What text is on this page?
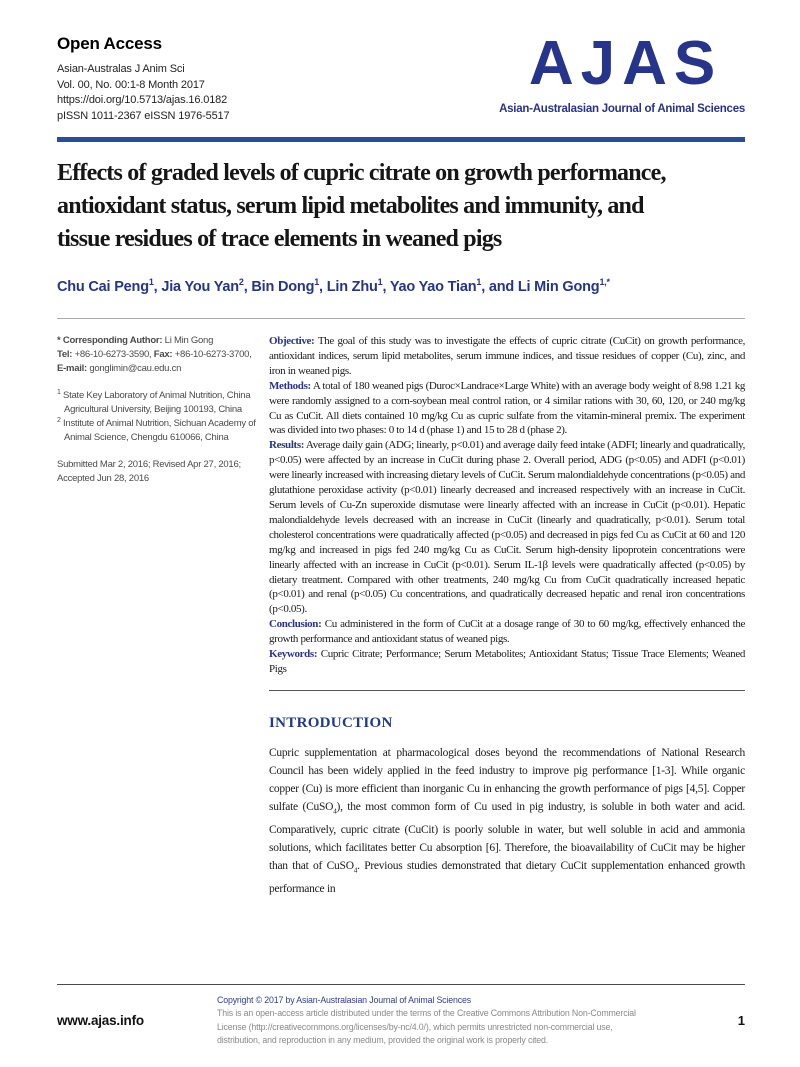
Open Access
Asian-Australas J Anim Sci
Vol. 00, No. 00:1-8 Month 2017
https://doi.org/10.5713/ajas.16.0182
pISSN 1011-2367 eISSN 1976-5517
AJAS
Asian-Australasian Journal of Animal Sciences
Effects of graded levels of cupric citrate on growth performance,
antioxidant status, serum lipid metabolites and immunity, and
tissue residues of trace elements in weaned pigs
Chu Cai Peng$^1$, Jia You Yan$^2$, Bin Dong$^1$, Lin Zhu$^1$, Yao Yao Tian$^1$, and Li Min Gong$^{1,*}$
* Corresponding Author: Li Min Gong
Tel: +86-10-6273-3590, Fax: +86-10-6273-3700,
E-mail: gonglimin@cau.edu.cn

$^1$ State Key Laboratory of Animal Nutrition, China Agricultural University, Beijing 100193, China

$^2$ Institute of Animal Nutrition, Sichuan Academy of Animal Science, Chengdu 610066, China

Submitted Mar 2, 2016; Revised Apr 27, 2016; Accepted Jun 28, 2016

Objective: The goal of this study was to investigate the effects of cupric citrate (CuCit) on growth performance, antioxidant indices, serum lipid metabolites, serum immune indices, and tissue residues of copper (Cu), zinc, and iron in weaned pigs.

Methods: A total of 180 weaned pigs (Duroc×Landrace×Large White) with an average body weight of 8.98 1.21 kg were randomly assigned to a corn-soybean meal control ration, or 4 similar rations with 30, 60, 120, or 240 mg/kg Cu as CuCit. All diets contained 10 mg/kg Cu as cupric sulfate from the vitamin-mineral premix. The experiment was divided into two phases: 0 to 14 d (phase 1) and 15 to 28 d (phase 2).

Results: Average daily gain (ADG; linearly, p<0.01) and average daily feed intake (ADFI; linearly and quadratically, p<0.05) were affected by an increase in CuCit during phase 2. Overall period, ADG (p<0.05) and ADFI (p<0.01) were linearly increased with increasing dietary levels of CuCit. Serum malondialdehyde concentrations (p<0.05) and glutathione peroxidase activity (p<0.01) linearly decreased and increased respectively with an increase in CuCit. Serum levels of Cu-Zn superoxide dismutase were linearly affected with an increase in CuCit (p<0.01). Hepatic malondialdehyde levels decreased with an increase in CuCit (linearly and quadratically, p<0.01). Serum total cholesterol concentrations were quadratically affected (p<0.05) and decreased in pigs fed Cu as CuCit at 60 and 120 mg/kg and increased in pigs fed 240 mg/kg Cu as CuCit. Serum high-density lipoprotein concentrations were linearly affected with an increase in CuCit (p<0.01). Serum IL-1β levels were quadratically affected (p<0.05) by dietary treatment. Compared with other treatments, 240 mg/kg Cu from CuCit quadratically increased hepatic (p<0.01) and renal (p<0.05) Cu concentrations, and quadratically decreased hepatic and renal iron concentrations (p<0.05).

Conclusion: Cu administered in the form of CuCit at a dosage range of 30 to 60 mg/kg, effectively enhanced the growth performance and antioxidant status of weaned pigs.

Keywords: Cupric Citrate; Performance; Serum Metabolites; Antioxidant Status; Tissue Trace Elements; Weaned Pigs

INTRODUCTION

Cupric supplementation at pharmacological doses beyond the recommendations of National Research Council has been widely applied in the feed industry to improve pig performance [1-3]. While organic copper (Cu) is more efficient than inorganic Cu in enhancing the growth performance of pigs [4,5]. Copper sulfate (CuSO$_4$), the most common form of Cu used in pig industry, is soluble in both water and acid. Comparatively, cupric citrate (CuCit) is poorly soluble in water, but well soluble in acid and ammonia solutions, which facilitates better Cu absorption [6]. Therefore, the bioavailability of CuCit may be higher than that of CuSO$_4$. Previous studies demonstrated that dietary CuCit supplementation enhanced growth performance in

www.ajas.info
Copyright © 2017 by Asian-Australasian Journal of Animal Sciences
This is an open-access article distributed under the terms of the Creative Commons Attribution Non-Commercial License (http://creativecommons.org/licenses/by-nc/4.0/), which permits unrestricted non-commercial use, distribution, and reproduction in any medium, provided the original work is properly cited.
1
